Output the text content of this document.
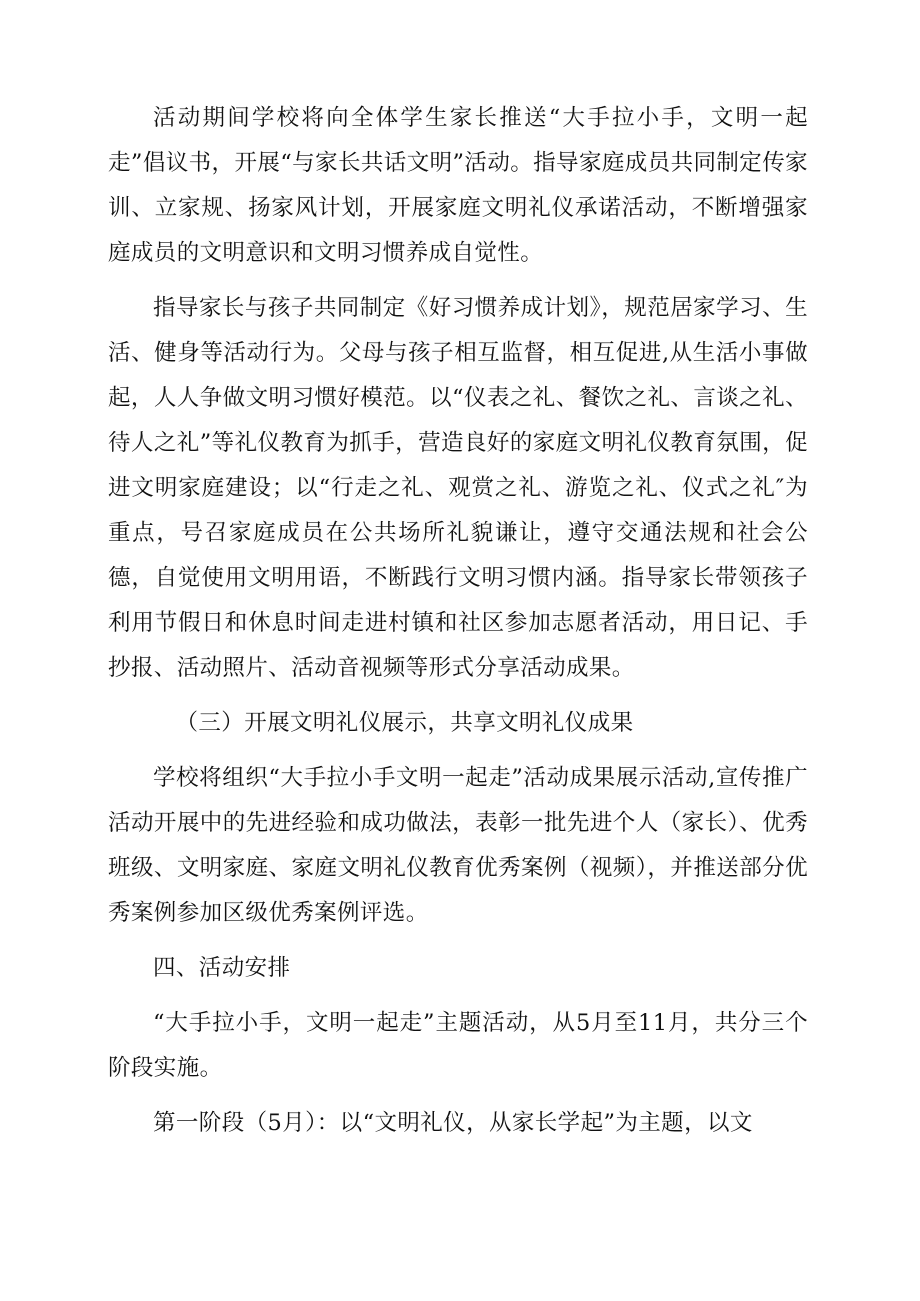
活动期间学校将向全体学生家长推送“大手拉小手，文明一起走”倡议书，开展“与家长共话文明”活动。指导家庭成员共同制定传家训、立家规、扬家风计划，开展家庭文明礼仪承诺活动，不断增强家庭成员的文明意识和文明习惯养成自觉性。

指导家长与孩子共同制定《好习惯养成计划》，规范居家学习、生活、健身等活动行为。父母与孩子相互监督，相互促进,从生活小事做起，人人争做文明习惯好模范。以“仪表之礼、餐饮之礼、言谈之礼、待人之礼”等礼仪教育为抓手，营造良好的家庭文明礼仪教育氛围，促进文明家庭建设；以“行走之礼、观赏之礼、游览之礼、仪式之礼″为重点，号召家庭成员在公共场所礼貌谦让，遵守交通法规和社会公德，自觉使用文明用语，不断践行文明习惯内涵。指导家长带领孩子利用节假日和休息时间走进村镇和社区参加志愿者活动，用日记、手抄报、活动照片、活动音视频等形式分享活动成果。

（三）开展文明礼仪展示，共享文明礼仪成果

学校将组织“大手拉小手文明一起走”活动成果展示活动,宣传推广活动开展中的先进经验和成功做法，表彰一批先进个人（家长）、优秀班级、文明家庭、家庭文明礼仪教育优秀案例（视频），并推送部分优秀案例参加区级优秀案例评选。

四、活动安排

“大手拉小手，文明一起走”主题活动，从5月至11月，共分三个阶段实施。

第一阶段（5月）：以“文明礼仪，从家长学起”为主题，以文
